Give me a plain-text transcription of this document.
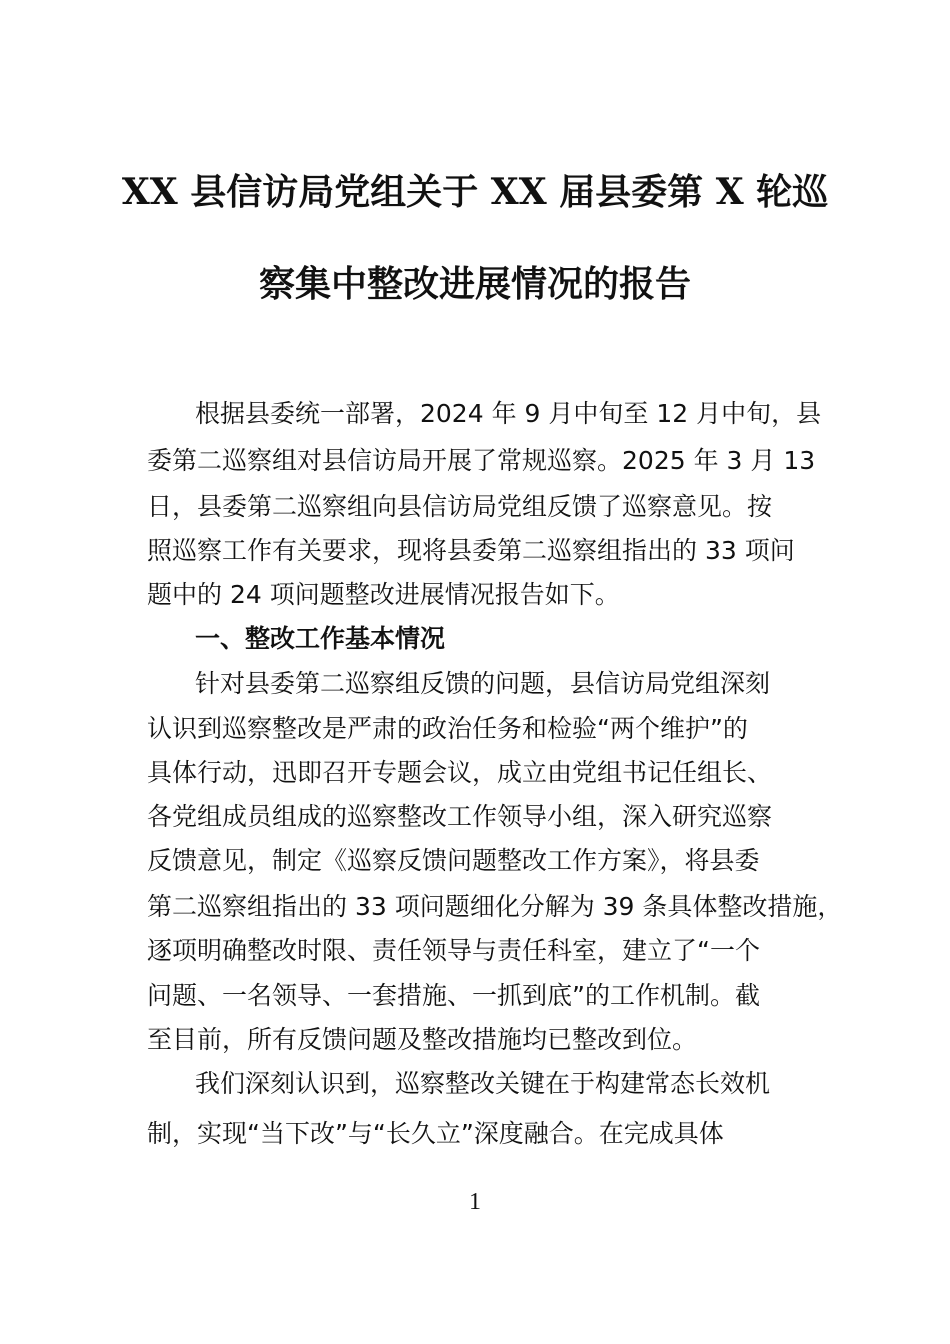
XX 县信访局党组关于 XX 届县委第 X 轮巡
察集中整改进展情况的报告

根据县委统一部署，2024 年 9 月中旬至 12 月中旬，县

委第二巡察组对县信访局开展了常规巡察。2025 年 3 月 13

日，县委第二巡察组向县信访局党组反馈了巡察意见。按

照巡察工作有关要求，现将县委第二巡察组指出的 33 项问

题中的 24 项问题整改进展情况报告如下。

一、整改工作基本情况

针对县委第二巡察组反馈的问题，县信访局党组深刻

认识到巡察整改是严肃的政治任务和检验“两个维护”的

具体行动，迅即召开专题会议，成立由党组书记任组长、

各党组成员组成的巡察整改工作领导小组，深入研究巡察

反馈意见，制定《巡察反馈问题整改工作方案》，将县委

第二巡察组指出的 33 项问题细化分解为 39 条具体整改措施，

逐项明确整改时限、责任领导与责任科室，建立了“一个

问题、一名领导、一套措施、一抓到底”的工作机制。截

至目前，所有反馈问题及整改措施均已整改到位。

我们深刻认识到，巡察整改关键在于构建常态长效机

制，实现“当下改”与“长久立”深度融合。在完成具体

1
